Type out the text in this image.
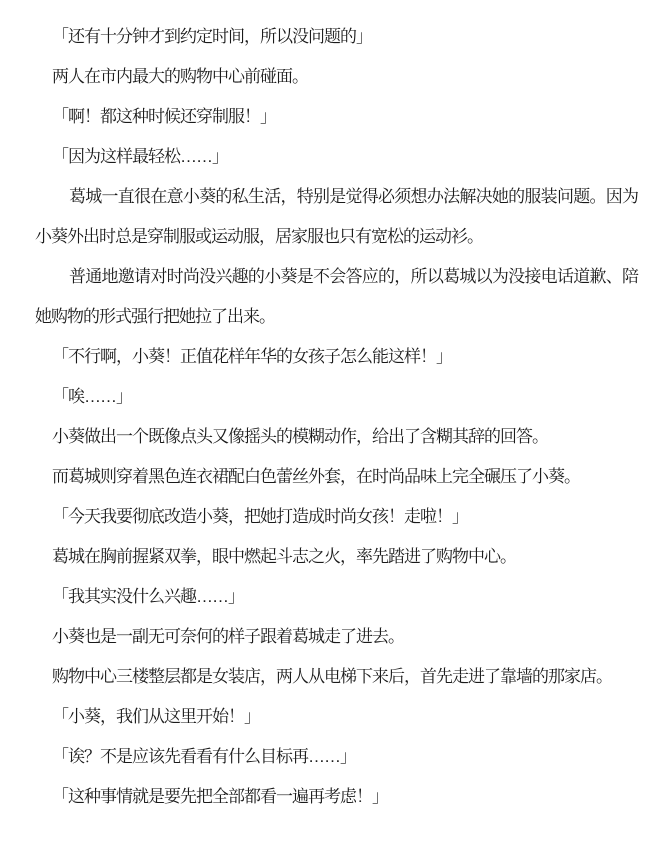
「还有十分钟才到约定时间，所以没问题的」

两人在市内最大的购物中心前碰面。

「啊！都这种时候还穿制服！」

「因为这样最轻松……」

葛城一直很在意小葵的私生活，特别是觉得必须想办法解决她的服装问题。因为小葵外出时总是穿制服或运动服，居家服也只有宽松的运动衫。

普通地邀请对时尚没兴趣的小葵是不会答应的，所以葛城以为没接电话道歉、陪她购物的形式强行把她拉了出来。

「不行啊，小葵！正值花样年华的女孩子怎么能这样！」

「唉……」

小葵做出一个既像点头又像摇头的模糊动作，给出了含糊其辞的回答。

而葛城则穿着黑色连衣裙配白色蕾丝外套，在时尚品味上完全碾压了小葵。

「今天我要彻底改造小葵，把她打造成时尚女孩！走啦！」

葛城在胸前握紧双拳，眼中燃起斗志之火，率先踏进了购物中心。

「我其实没什么兴趣……」

小葵也是一副无可奈何的样子跟着葛城走了进去。

购物中心三楼整层都是女装店，两人从电梯下来后，首先走进了靠墙的那家店。

「小葵，我们从这里开始！」

「诶？不是应该先看看有什么目标再……」

「这种事情就是要先把全部都看一遍再考虑！」
